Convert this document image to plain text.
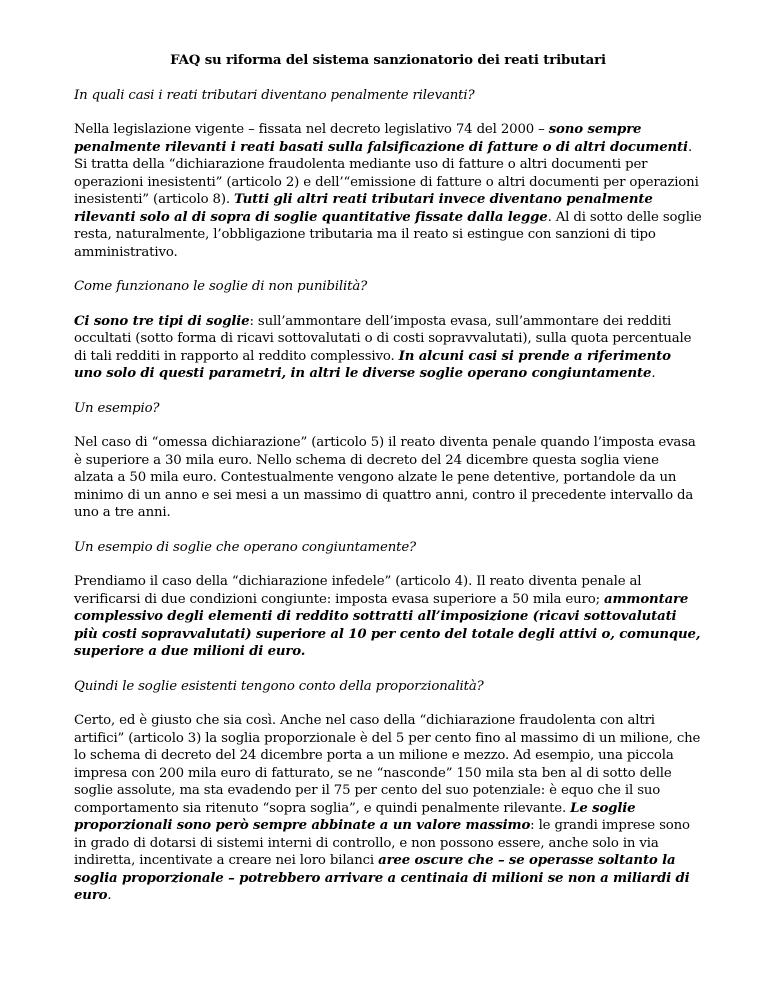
FAQ su riforma del sistema sanzionatorio dei reati tributari
In quali casi i reati tributari diventano penalmente rilevanti?
Nella legislazione vigente – fissata nel decreto legislativo 74 del 2000 – sono sempre penalmente rilevanti i reati basati sulla falsificazione di fatture o di altri documenti. Si tratta della “dichiarazione fraudolenta mediante uso di fatture o altri documenti per operazioni inesistenti” (articolo 2) e dell’“emissione di fatture o altri documenti per operazioni inesistenti” (articolo 8). Tutti gli altri reati tributari invece diventano penalmente rilevanti solo al di sopra di soglie quantitative fissate dalla legge. Al di sotto delle soglie resta, naturalmente, l’obbligazione tributaria ma il reato si estingue con sanzioni di tipo amministrativo.
Come funzionano le soglie di non punibilità?
Ci sono tre tipi di soglie: sull’ammontare dell’imposta evasa, sull’ammontare dei redditi occultati (sotto forma di ricavi sottovalutati o di costi sopravvalutati), sulla quota percentuale di tali redditi in rapporto al reddito complessivo. In alcuni casi si prende a riferimento uno solo di questi parametri, in altri le diverse soglie operano congiuntamente.
Un esempio?
Nel caso di “omessa dichiarazione” (articolo 5) il reato diventa penale quando l’imposta evasa è superiore a 30 mila euro. Nello schema di decreto del 24 dicembre questa soglia viene alzata a 50 mila euro. Contestualmente vengono alzate le pene detentive, portandole da un minimo di un anno e sei mesi a un massimo di quattro anni, contro il precedente intervallo da uno a tre anni.
Un esempio di soglie che operano congiuntamente?
Prendiamo il caso della “dichiarazione infedele” (articolo 4). Il reato diventa penale al verificarsi di due condizioni congiunte: imposta evasa superiore a 50 mila euro; ammontare complessivo degli elementi di reddito sottratti all’imposizione (ricavi sottovalutati più costi sopravvalutati) superiore al 10 per cento del totale degli attivi o, comunque, superiore a due milioni di euro.
Quindi le soglie esistenti tengono conto della proporzionalità?
Certo, ed è giusto che sia così. Anche nel caso della “dichiarazione fraudolenta con altri artifici” (articolo 3) la soglia proporzionale è del 5 per cento fino al massimo di un milione, che lo schema di decreto del 24 dicembre porta a un milione e mezzo. Ad esempio, una piccola impresa con 200 mila euro di fatturato, se ne “nasconde” 150 mila sta ben al di sotto delle soglie assolute, ma sta evadendo per il 75 per cento del suo potenziale: è equo che il suo comportamento sia ritenuto “sopra soglia”, e quindi penalmente rilevante. Le soglie proporzionali sono però sempre abbinate a un valore massimo: le grandi imprese sono in grado di dotarsi di sistemi interni di controllo, e non possono essere, anche solo in via indiretta, incentivate a creare nei loro bilanci aree oscure che – se operasse soltanto la soglia proporzionale – potrebbero arrivare a centinaia di milioni se non a miliardi di euro.
